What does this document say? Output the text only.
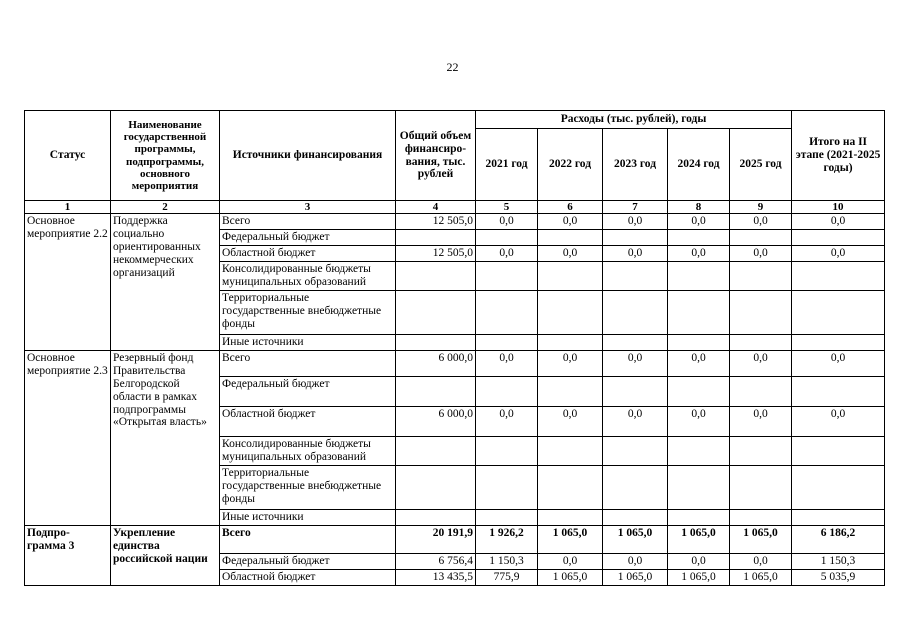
22
Статус	Наименование государственной программы, подпрограммы, основного мероприятия	Источники финансирования	Общий объем финансиро-вания, тыс. рублей	Расходы (тыс. рублей), годы					Итого на II этапе (2021-2025 годы)
				2021 год	2022 год	2023 год	2024 год	2025 год	
1	2	3	4	5	6	7	8	9	10
Основное мероприятие 2.2	Поддержка социально ориентированных некоммерческих организаций	Всего	12 505,0	0,0	0,0	0,0	0,0	0,0	0,0
		Федеральный бюджет							
		Областной бюджет	12 505,0	0,0	0,0	0,0	0,0	0,0	0,0
		Консолидированные бюджеты муниципальных образований							
		Территориальные государственные внебюджетные фонды							
		Иные источники							
Основное мероприятие 2.3	Резервный фонд Правительства Белгородской области в рамках подпрограммы «Открытая власть»	Всего	6 000,0	0,0	0,0	0,0	0,0	0,0	0,0
		Федеральный бюджет							
		Областной бюджет	6 000,0	0,0	0,0	0,0	0,0	0,0	0,0
		Консолидированные бюджеты муниципальных образований							
		Территориальные государственные внебюджетные фонды							
		Иные источники							
Подпро-грамма 3	Укрепление единства российской нации	Всего	20 191,9	1 926,2	1 065,0	1 065,0	1 065,0	1 065,0	6 186,2
		Федеральный бюджет	6 756,4	1 150,3	0,0	0,0	0,0	0,0	1 150,3
		Областной бюджет	13 435,5	775,9	1 065,0	1 065,0	1 065,0	1 065,0	5 035,9
